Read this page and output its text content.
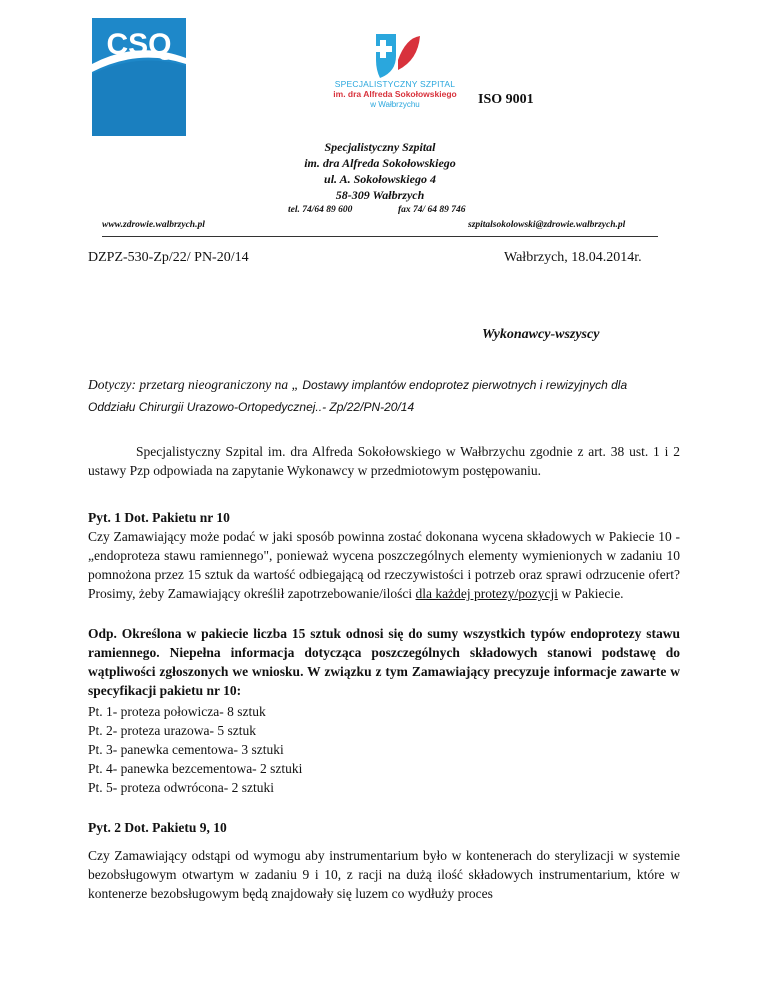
CSQ
SPECJALISTYCZNY SZPITAL
im. dra Alfreda Sokołowskiego
w Wałbrzychu	ISO 9001
Specjalistyczny Szpital
im. dra Alfreda Sokołowskiego
ul. A. Sokołowskiego 4
58-309 Wałbrzych
tel. 74/64 89 600	fax 74/ 64 89 746
www.zdrowie.walbrzych.pl	szpitalsokolowski@zdrowie.walbrzych.pl
DZPZ-530-Zp/22/ PN-20/14	Wałbrzych, 18.04.2014r.
Wykonawcy-wszyscy
Dotyczy: przetarg nieograniczony na „ Dostawy implantów endoprotez pierwotnych i rewizyjnych dla
Oddziału Chirurgii Urazowo-Ortopedycznej..- Zp/22/PN-20/14
Specjalistyczny Szpital im. dra Alfreda Sokołowskiego w Wałbrzychu zgodnie z art. 38 ust. 1 i 2 ustawy Pzp odpowiada na zapytanie Wykonawcy w przedmiotowym postępowaniu.
Pyt. 1 Dot. Pakietu nr 10
Czy Zamawiający może podać w jaki sposób powinna zostać dokonana wycena składowych w Pakiecie 10 - „endoproteza stawu ramiennego", ponieważ wycena poszczególnych elementy wymienionych w zadaniu 10 pomnożona przez 15 sztuk da wartość odbiegającą od rzeczywistości i potrzeb oraz sprawi odrzucenie ofert? Prosimy, żeby Zamawiający określił zapotrzebowanie/ilości dla każdej protezy/pozycji w Pakiecie.
Odp. Określona w pakiecie liczba 15 sztuk odnosi się do sumy wszystkich typów endoprotezy stawu ramiennego. Niepełna informacja dotycząca poszczególnych składowych stanowi podstawę do wątpliwości zgłoszonych we wniosku. W związku z tym Zamawiający precyzuje informacje zawarte w specyfikacji pakietu nr 10:
Pt. 1- proteza połowicza- 8 sztuk
Pt. 2- proteza urazowa- 5 sztuk
Pt. 3- panewka cementowa- 3 sztuki
Pt. 4- panewka bezcementowa- 2 sztuki
Pt. 5- proteza odwrócona- 2 sztuki
Pyt. 2 Dot. Pakietu 9, 10
Czy Zamawiający odstąpi od wymogu aby instrumentarium było w kontenerach do sterylizacji w systemie bezobsługowym otwartym w zadaniu 9 i 10, z racji na dużą ilość składowych instrumentarium, które w kontenerze bezobsługowym będą znajdowały się luzem co wydłuży proces
